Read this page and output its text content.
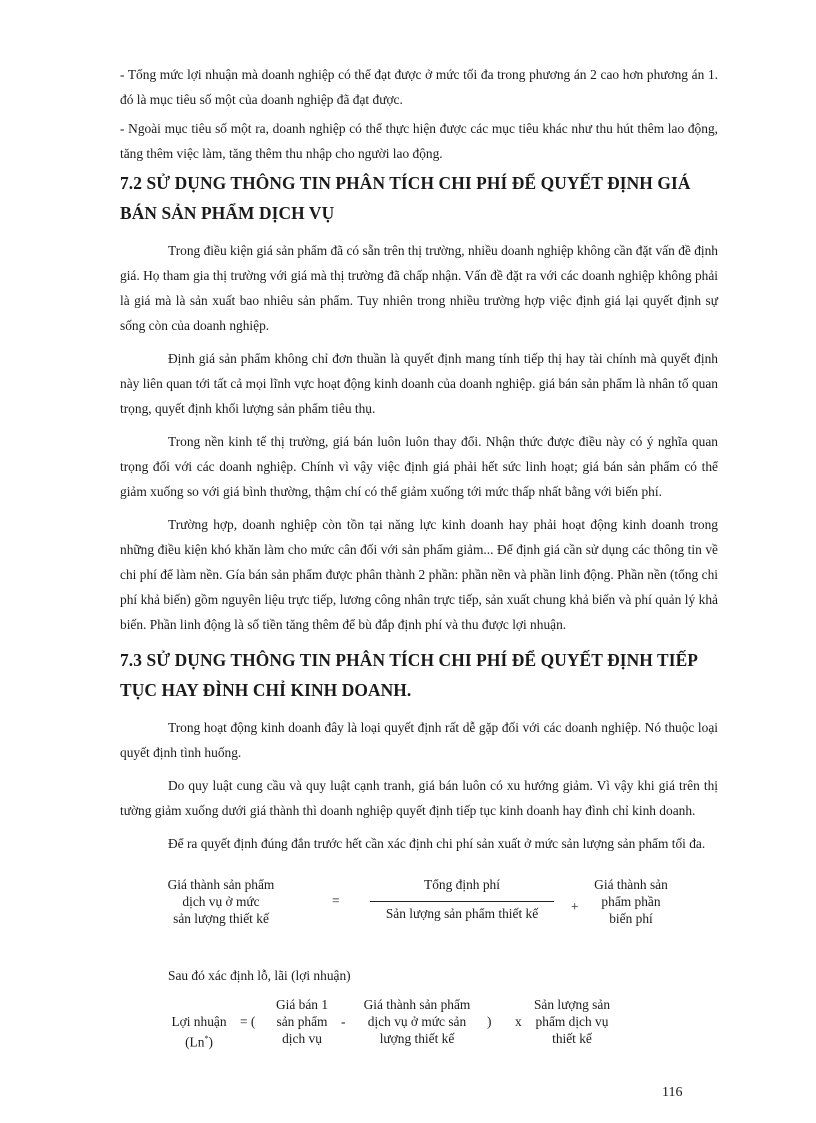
- Tổng mức lợi nhuận mà doanh nghiệp có thể đạt được ở mức tối đa trong phương án 2 cao hơn phương án 1. đó là mục tiêu số một của doanh nghiệp đã đạt được.

- Ngoài mục tiêu số một ra, doanh nghiệp có thể thực hiện được các mục tiêu khác như thu hút thêm lao động, tăng thêm việc làm, tăng thêm thu nhập cho người lao động.

7.2 SỬ DỤNG THÔNG TIN PHÂN TÍCH CHI PHÍ ĐỂ QUYẾT ĐỊNH GIÁ BÁN SẢN PHẨM DỊCH VỤ

Trong điều kiện giá sản phẩm đã có sẵn trên thị trường, nhiều doanh nghiệp không cần đặt vấn đề định giá. Họ tham gia thị trường với giá mà thị trường đã chấp nhận. Vấn đề đặt ra với các doanh nghiệp không phải là giá mà là sản xuất bao nhiêu sản phẩm. Tuy nhiên trong nhiều trường hợp việc định giá lại quyết định sự sống còn của doanh nghiệp.

Định giá sản phẩm không chỉ đơn thuần là quyết định mang tính tiếp thị hay tài chính mà quyết định này liên quan tới tất cả mọi lĩnh vực hoạt động kinh doanh của doanh nghiệp. giá bán sản phẩm là nhân tố quan trọng, quyết định khối lượng sản phẩm tiêu thụ.

Trong nền kinh tế thị trường, giá bán luôn luôn thay đổi. Nhận thức được điều này có ý nghĩa quan trọng đối với các doanh nghiệp. Chính vì vậy việc định giá phải hết sức linh hoạt; giá bán sản phẩm có thể giảm xuống so với giá bình thường, thậm chí có thể giảm xuống tới mức thấp nhất bằng với biến phí.

Trường hợp, doanh nghiệp còn tồn tại năng lực kinh doanh hay phải hoạt động kinh doanh trong những điều kiện khó khăn làm cho mức cân đối với sản phẩm giảm... Để định giá cần sử dụng các thông tin về chi phí để làm nền. Gía bán sản phẩm được phân thành 2 phần: phần nền và phần linh động. Phần nền (tổng chi phí khả biến) gồm nguyên liệu trực tiếp, lương công nhân trực tiếp, sản xuất chung khả biến và phí quản lý khả biến. Phần linh động là số tiền tăng thêm để bù đắp định phí và thu được lợi nhuận.

7.3 SỬ DỤNG THÔNG TIN PHÂN TÍCH CHI PHÍ ĐỂ QUYẾT ĐỊNH TIẾP TỤC HAY ĐÌNH CHỈ KINH DOANH.

Trong hoạt động kinh doanh đây là loại quyết định rất dễ gặp đối với các doanh nghiệp. Nó thuộc loại quyết định tình huống.

Do quy luật cung cầu và quy luật cạnh tranh, giá bán luôn có xu hướng giảm. Vì vậy khi giá trên thị tường giảm xuống dưới giá thành thì doanh nghiệp quyết định tiếp tục kinh doanh hay đình chỉ kinh doanh.

Để ra quyết định đúng đắn trước hết cần xác định chi phí sản xuất ở mức sản lượng sản phẩm tối đa.

Giá thành sản phẩm
dịch vụ ở mức
sản lượng thiết kế
=
Tổng định phí
Sản lượng sản phẩm thiết kế	+
Giá thành sản
phẩm phần
biến phí
Sau đó xác định lỗ, lãi (lợi nhuận)
Lợi nhuận
(Ln*)
= (
Giá bán 1
sản phẩm
dịch vụ
-
Giá thành sản phẩm
dịch vụ ở mức sản
lượng thiết kế
) x
Sản lượng sản
phẩm dịch vụ
thiết kế
116
